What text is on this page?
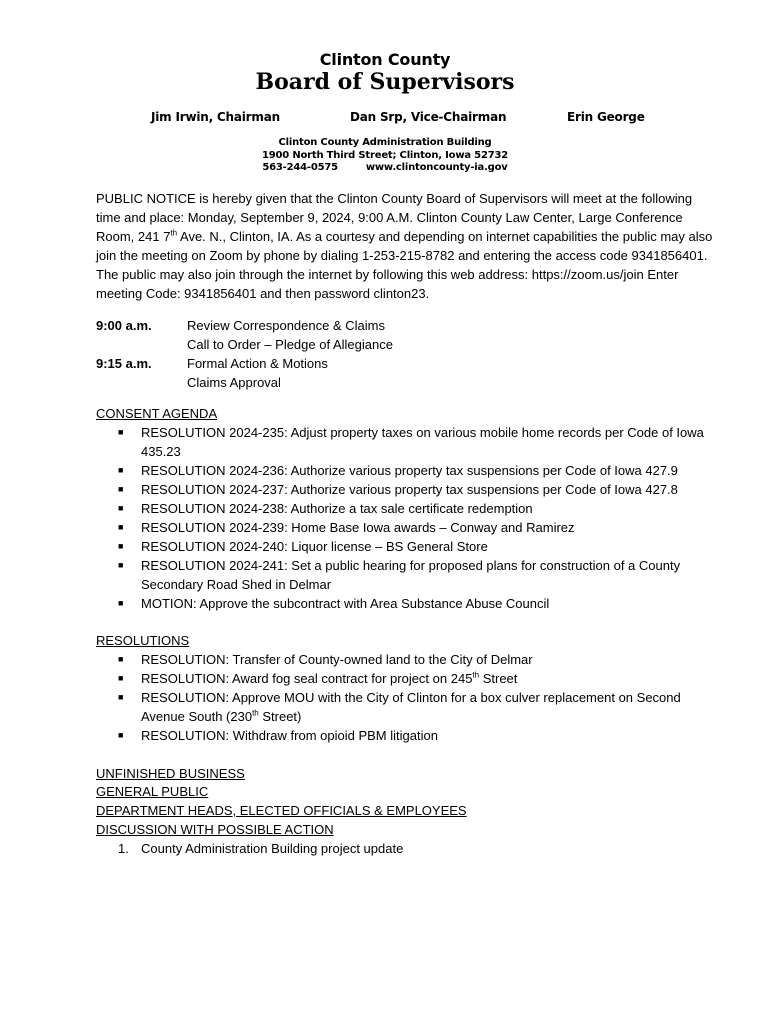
Clinton County
Board of Supervisors
Jim Irwin, Chairman	Dan Srp, Vice-Chairman	Erin George
Clinton County Administration Building
1900 North Third Street; Clinton, Iowa 52732
563-244-0575	www.clintoncounty-ia.gov
PUBLIC NOTICE is hereby given that the Clinton County Board of Supervisors will meet at the following time and place: Monday, September 9, 2024, 9:00 A.M. Clinton County Law Center, Large Conference Room, 241 7th Ave. N., Clinton, IA. As a courtesy and depending on internet capabilities the public may also join the meeting on Zoom by phone by dialing 1-253-215-8782 and entering the access code 9341856401. The public may also join through the internet by following this web address: https://zoom.us/join Enter meeting Code: 9341856401 and then password clinton23.
9:00 a.m.	Review Correspondence & Claims
Call to Order – Pledge of Allegiance
9:15 a.m.	Formal Action & Motions
Claims Approval
CONSENT AGENDA
■ RESOLUTION 2024-235: Adjust property taxes on various mobile home records per Code of Iowa 435.23
■ RESOLUTION 2024-236: Authorize various property tax suspensions per Code of Iowa 427.9
■ RESOLUTION 2024-237: Authorize various property tax suspensions per Code of Iowa 427.8
■ RESOLUTION 2024-238: Authorize a tax sale certificate redemption
■ RESOLUTION 2024-239: Home Base Iowa awards – Conway and Ramirez
■ RESOLUTION 2024-240: Liquor license – BS General Store
■ RESOLUTION 2024-241: Set a public hearing for proposed plans for construction of a County Secondary Road Shed in Delmar
■ MOTION: Approve the subcontract with Area Substance Abuse Council
RESOLUTIONS
■ RESOLUTION: Transfer of County-owned land to the City of Delmar
■ RESOLUTION: Award fog seal contract for project on 245th Street
■ RESOLUTION: Approve MOU with the City of Clinton for a box culver replacement on Second Avenue South (230th Street)
■ RESOLUTION: Withdraw from opioid PBM litigation
UNFINISHED BUSINESS
GENERAL PUBLIC
DEPARTMENT HEADS, ELECTED OFFICIALS & EMPLOYEES
DISCUSSION WITH POSSIBLE ACTION
1. County Administration Building project update
